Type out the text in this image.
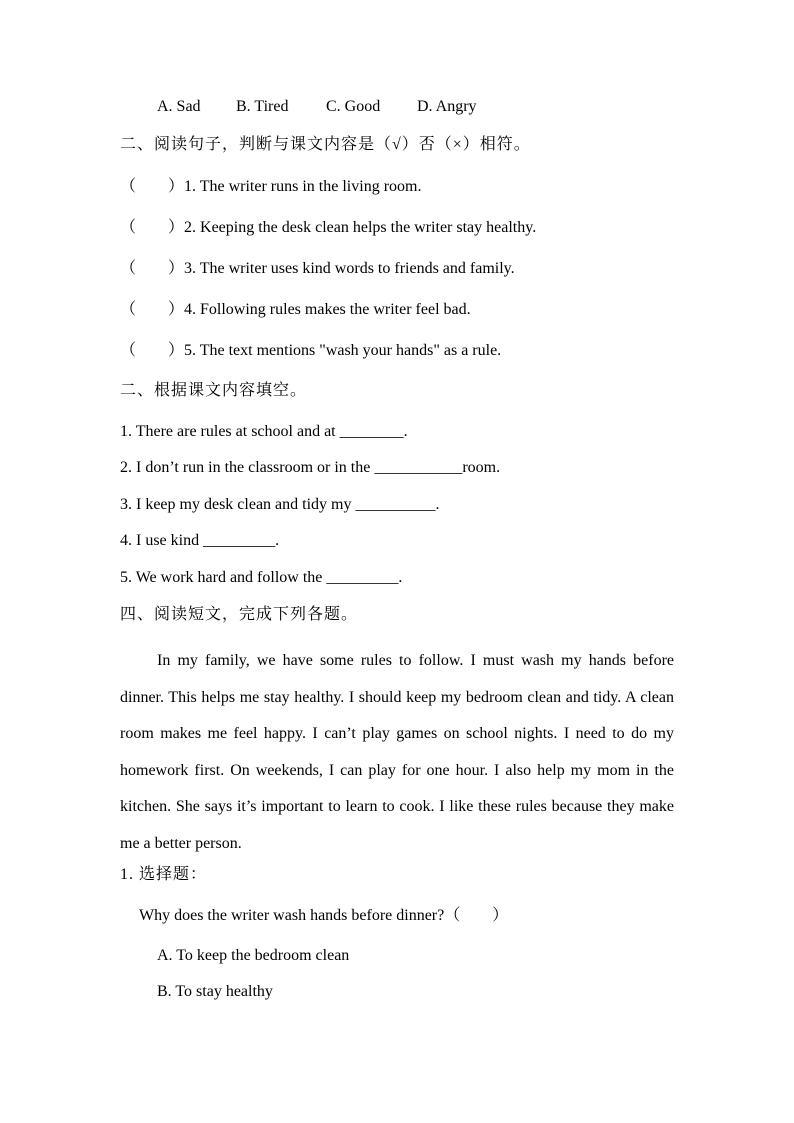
A. Sad B. Tired C. Good D. Angry
二、阅读句子，判断与课文内容是（√）否（×）相符。
（　　）1. The writer runs in the living room.
（　　）2. Keeping the desk clean helps the writer stay healthy.
（　　）3. The writer uses kind words to friends and family.
（　　）4. Following rules makes the writer feel bad.
（　　）5. The text mentions "wash your hands" as a rule.
二、根据课文内容填空。
1. There are rules at school and at ________.
2. I don’t run in the classroom or in the ___________room.
3. I keep my desk clean and tidy my __________.
4. I use kind _________.
5. We work hard and follow the _________.
四、阅读短文，完成下列各题。
In my family, we have some rules to follow. I must wash my hands before dinner. This helps me stay healthy. I should keep my bedroom clean and tidy. A clean room makes me feel happy. I can’t play games on school nights. I need to do my homework first. On weekends, I can play for one hour. I also help my mom in the kitchen. She says it’s important to learn to cook. I like these rules because they make me a better person.
1. 选择题：
Why does the writer wash hands before dinner?（　　）
A. To keep the bedroom clean
B. To stay healthy
